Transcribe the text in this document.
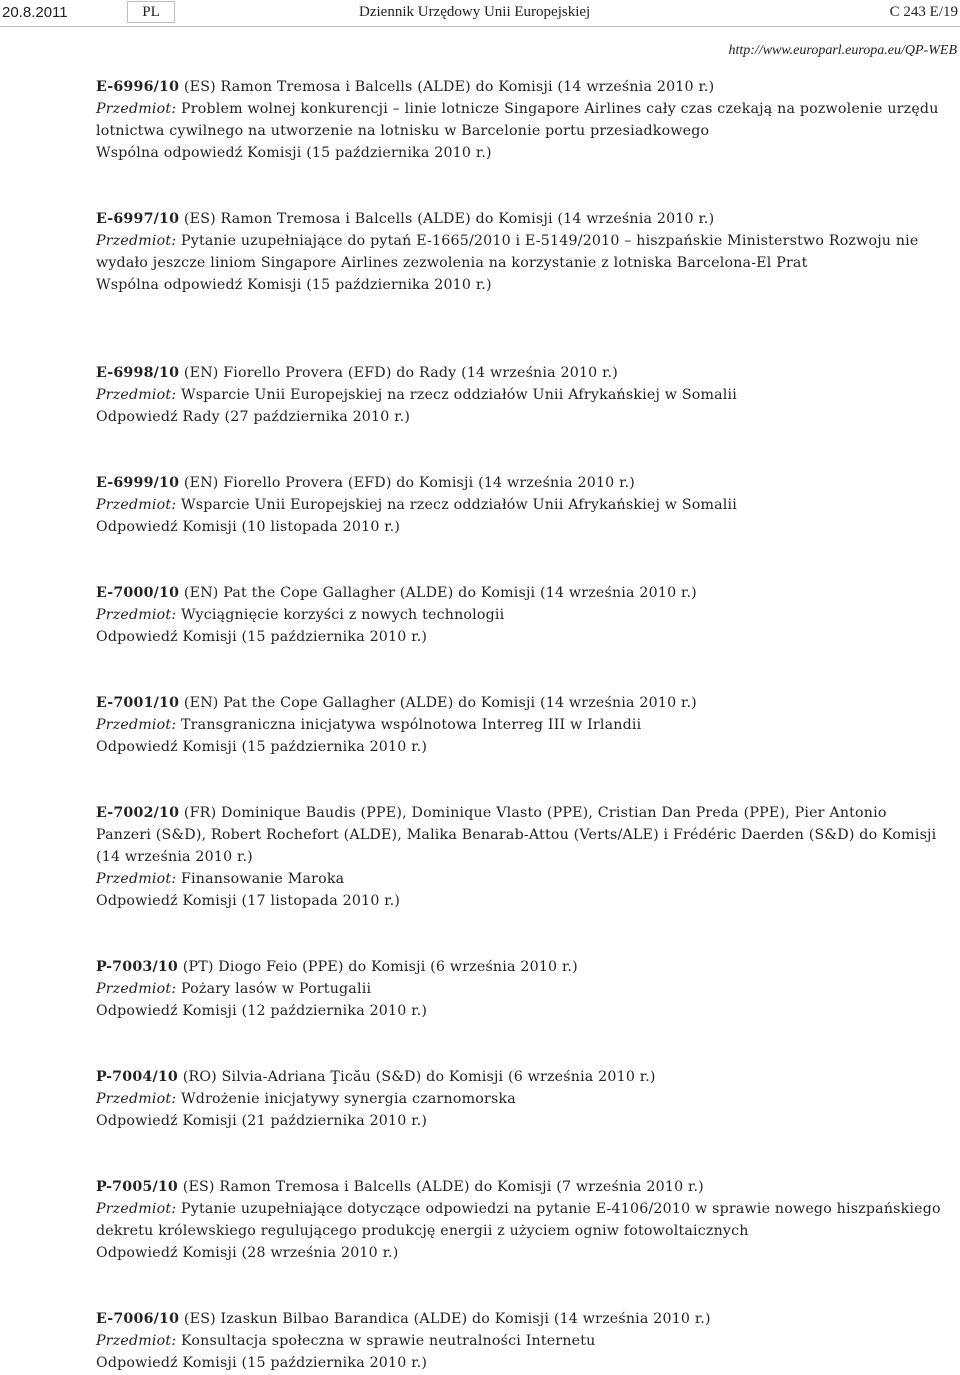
20.8.2011	PL	Dziennik Urzędowy Unii Europejskiej	C 243 E/19
http://www.europarl.europa.eu/QP-WEB

E-6996/10 (ES) Ramon Tremosa i Balcells (ALDE) do Komisji (14 września 2010 r.)

Przedmiot: Problem wolnej konkurencji – linie lotnicze Singapore Airlines cały czas czekają na pozwolenie urzędu lotnictwa cywilnego na utworzenie na lotnisku w Barcelonie portu przesiadkowego

Wspólna odpowiedź Komisji (15 października 2010 r.)

E-6997/10 (ES) Ramon Tremosa i Balcells (ALDE) do Komisji (14 września 2010 r.)

Przedmiot: Pytanie uzupełniające do pytań E-1665/2010 i E-5149/2010 – hiszpańskie Ministerstwo Rozwoju nie wydało jeszcze liniom Singapore Airlines zezwolenia na korzystanie z lotniska Barcelona-El Prat

Wspólna odpowiedź Komisji (15 października 2010 r.)

E-6998/10 (EN) Fiorello Provera (EFD) do Rady (14 września 2010 r.)

Przedmiot: Wsparcie Unii Europejskiej na rzecz oddziałów Unii Afrykańskiej w Somalii

Odpowiedź Rady (27 października 2010 r.)

E-6999/10 (EN) Fiorello Provera (EFD) do Komisji (14 września 2010 r.)

Przedmiot: Wsparcie Unii Europejskiej na rzecz oddziałów Unii Afrykańskiej w Somalii

Odpowiedź Komisji (10 listopada 2010 r.)

E-7000/10 (EN) Pat the Cope Gallagher (ALDE) do Komisji (14 września 2010 r.)

Przedmiot: Wyciągnięcie korzyści z nowych technologii

Odpowiedź Komisji (15 października 2010 r.)

E-7001/10 (EN) Pat the Cope Gallagher (ALDE) do Komisji (14 września 2010 r.)

Przedmiot: Transgraniczna inicjatywa wspólnotowa Interreg III w Irlandii

Odpowiedź Komisji (15 października 2010 r.)

E-7002/10 (FR) Dominique Baudis (PPE), Dominique Vlasto (PPE), Cristian Dan Preda (PPE), Pier Antonio Panzeri (S&D), Robert Rochefort (ALDE), Malika Benarab-Attou (Verts/ALE) i Frédéric Daerden (S&D) do Komisji (14 września 2010 r.)

Przedmiot: Finansowanie Maroka

Odpowiedź Komisji (17 listopada 2010 r.)

P-7003/10 (PT) Diogo Feio (PPE) do Komisji (6 września 2010 r.)

Przedmiot: Pożary lasów w Portugalii

Odpowiedź Komisji (12 października 2010 r.)

P-7004/10 (RO) Silvia-Adriana Ţicău (S&D) do Komisji (6 września 2010 r.)

Przedmiot: Wdrożenie inicjatywy synergia czarnomorska

Odpowiedź Komisji (21 października 2010 r.)

P-7005/10 (ES) Ramon Tremosa i Balcells (ALDE) do Komisji (7 września 2010 r.)

Przedmiot: Pytanie uzupełniające dotyczące odpowiedzi na pytanie E-4106/2010 w sprawie nowego hiszpańskiego dekretu królewskiego regulującego produkcję energii z użyciem ogniw fotowoltaicznych

Odpowiedź Komisji (28 września 2010 r.)

E-7006/10 (ES) Izaskun Bilbao Barandica (ALDE) do Komisji (14 września 2010 r.)

Przedmiot: Konsultacja społeczna w sprawie neutralności Internetu

Odpowiedź Komisji (15 października 2010 r.)
